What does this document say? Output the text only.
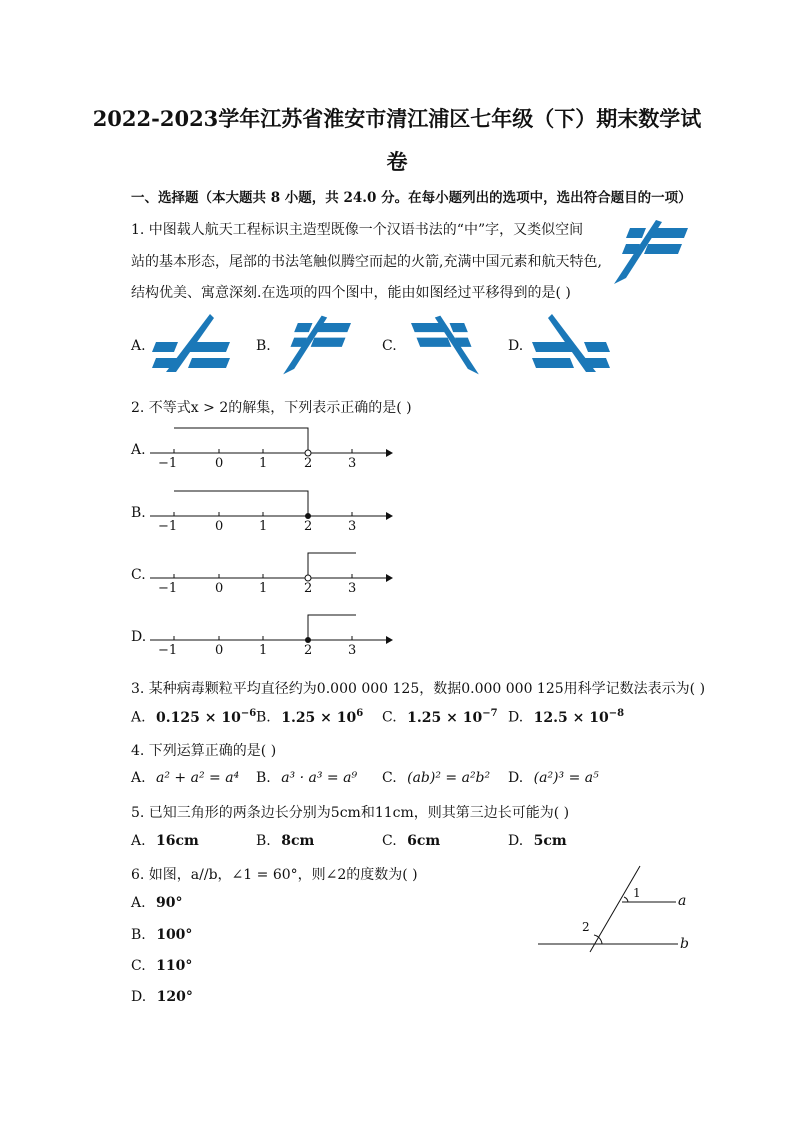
2022-2023学年江苏省淮安市清江浦区七年级（下）期末数学试
卷
一、选择题（本大题共 8 小题，共 24.0 分。在每小题列出的选项中，选出符合题目的一项）
1. 中图载人航天工程标识主造型既像一个汉语书法的“中”字，又类似空间
站的基本形态，尾部的书法笔触似腾空而起的火箭,充满中国元素和航天特色,
结构优美、寓意深刻.在选项的四个图中，能由如图经过平移得到的是( )
A.	B.	C.	D.
2. 不等式x > 2的解集，下列表示正确的是( )
A.
−1	0	1	2	3
B.
−1	0	1	2	3
C.
−1	0	1	2	3
D.
−1	0	1	2	3
3. 某种病毒颗粒平均直径约为0.000 000 125，数据0.000 000 125用科学记数法表示为( )
A. $0.125 \times 10^{-6}$ B. $1.25 \times 10^6$ C. $1.25 \times 10^{-7}$ D. $12.5 \times 10^{-8}$
4. 下列运算正确的是( )
A. a² + a² = a⁴ B. a³ · a³ = a⁹ C. (ab)² = a²b² D. (a²)³ = a⁵
5. 已知三角形的两条边长分别为5cm和11cm，则其第三边长可能为( )
A. 16cm	B. 8cm	C. 6cm	D. 5cm
6. 如图，a//b，∠1 = 60°，则∠2的度数为( )
A. 90°
B. 100°
C. 110°
D. 120°
1
2
a
b
